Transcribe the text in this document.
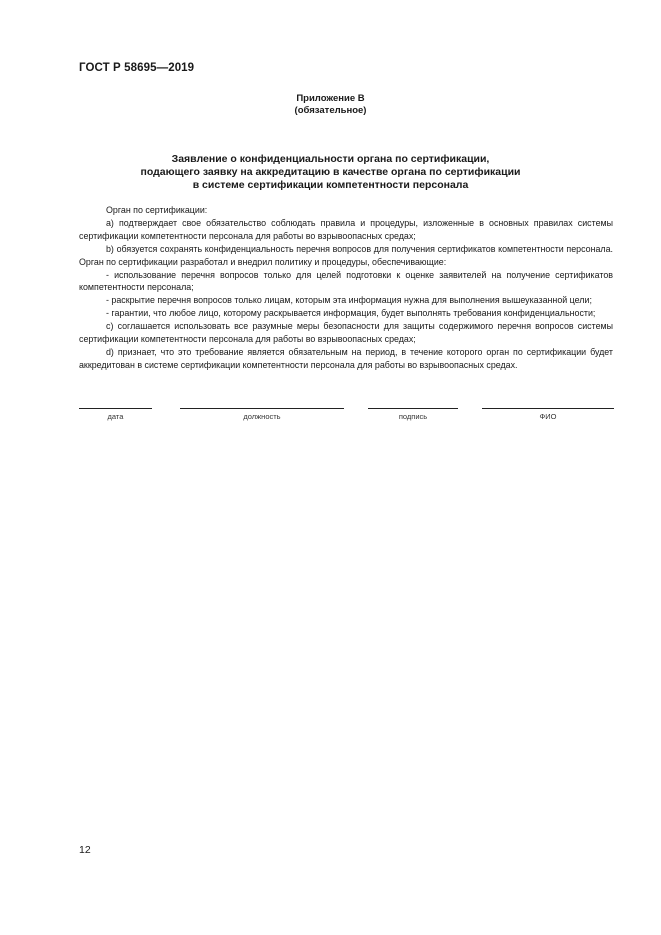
ГОСТ Р 58695—2019
Приложение В
(обязательное)
Заявление о конфиденциальности органа по сертификации,
подающего заявку на аккредитацию в качестве органа по сертификации
в системе сертификации компетентности персонала

Орган по сертификации:

a) подтверждает свое обязательство соблюдать правила и процедуры, изложенные в основных правилах системы сертификации компетентности персонала для работы во взрывоопасных средах;

b) обязуется сохранять конфиденциальность перечня вопросов для получения сертификатов компетентности персонала. Орган по сертификации разработал и внедрил политику и процедуры, обеспечивающие:

- использование перечня вопросов только для целей подготовки к оценке заявителей на получение сертификатов компетентности персонала;

- раскрытие перечня вопросов только лицам, которым эта информация нужна для выполнения вышеуказанной цели;

- гарантии, что любое лицо, которому раскрывается информация, будет выполнять требования конфиденциальности;

c) соглашается использовать все разумные меры безопасности для защиты содержимого перечня вопросов системы сертификации компетентности персонала для работы во взрывоопасных средах;

d) признает, что это требование является обязательным на период, в течение которого орган по сертификации будет аккредитован в системе сертификации компетентности персонала для работы во взрывоопасных средах.

дата	должность	подпись	ФИО
12
